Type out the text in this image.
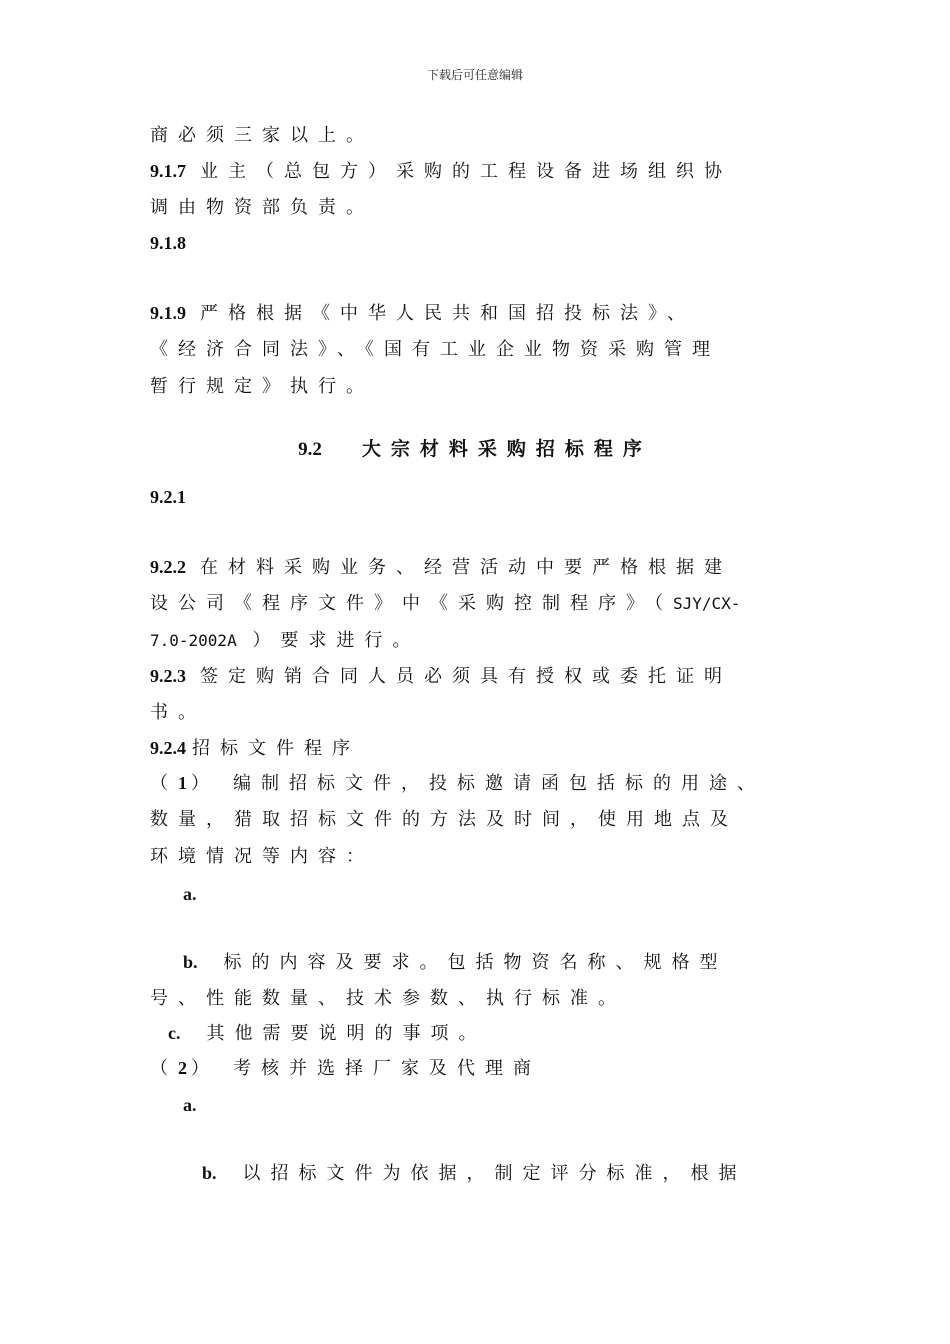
下载后可任意编辑
商必须三家以上。
9.1.7 业主（总包方）采购的工程设备进场组织协
调由物资部负责。
9.1.8
9.1.9 严格根据《中华人民共和国招投标法》、
《经济合同法》、《国有工业企业物资采购管理
暂行规定》执行。
9.2 大宗材料采购招标程序
9.2.1
9.2.2 在材料采购业务、经营活动中要严格根据建
设公司《程序文件》中《采购控制程序》（SJY/CX-
7.0-2002A ）要求进行。
9.2.3 签定购销合同人员必须具有授权或委托证明
书。
9.2.4 招标文件程序
（1 ） 编制招标文件，投标邀请函包括标的用途、
数量，猎取招标文件的方法及时间，使用地点及
环境情况等内容：
a.
b. 标的内容及要求。包括物资名称、规格型
号、性能数量、技术参数、执行标准。
c. 其他需要说明的事项。
（2 ） 考核并选择厂家及代理商
a.
b. 以招标文件为依据，制定评分标准，根据
